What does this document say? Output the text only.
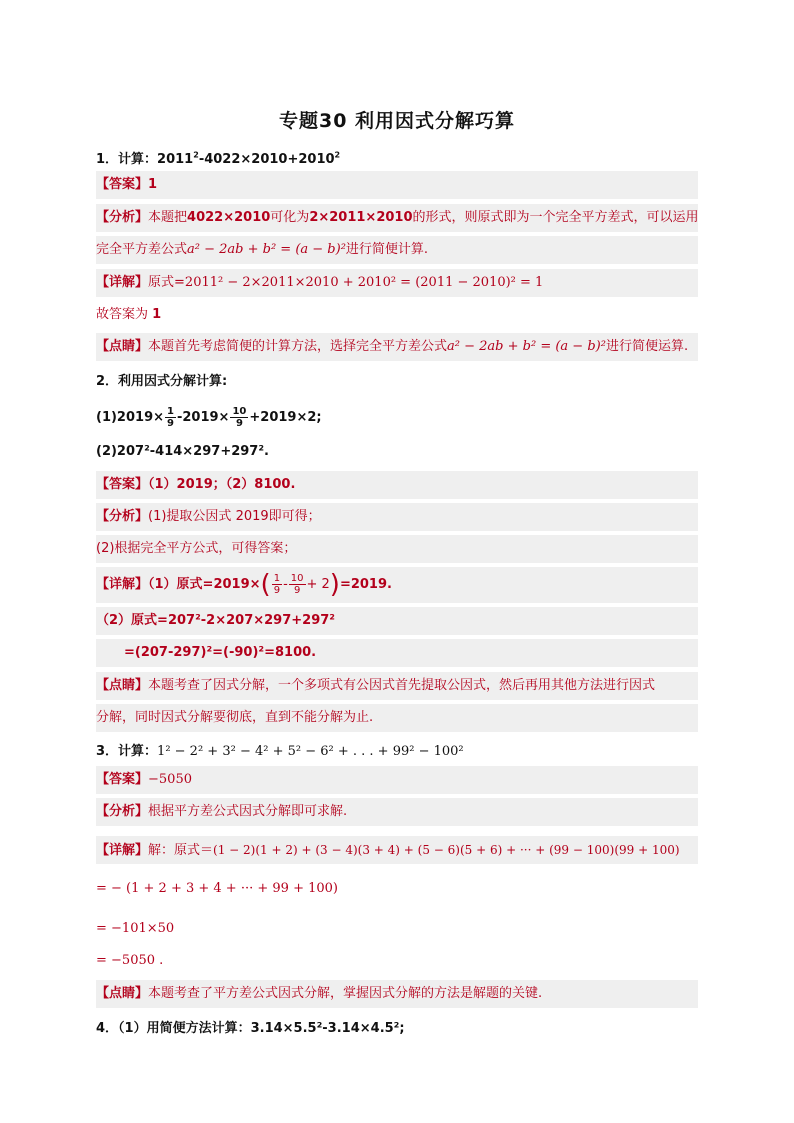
专题30 利用因式分解巧算
1．计算：$2011^2-4022\times 2010+2010^2$
【答案】1
【分析】本题把4022×2010可化为2×2011×2010的形式，则原式即为一个完全平方差式，可以运用
完全平方差公式a² − 2ab + b² = (a − b)²进行简便计算.
【详解】原式=2011² − 2×2011×2010 + 2010² = (2011 − 2010)² = 1
故答案为 1
【点睛】本题首先考虑简便的计算方法，选择完全平方差公式a² − 2ab + b² = (a − b)²进行简便运算.
2．利用因式分解计算:
$(1)2019\times \frac{1}{9} -2019\times \frac{10}{9} +2019\times 2$;
(2)207²-414×297+297².
【答案】（1）2019；（2）8100.
【分析】(1)提取公因式 2019即可得；
(2)根据完全平方公式，可得答案；
【详解】（1）原式$=2019\times( \frac{1}{9} - \frac{10}{9} + 2)=2019$.
（2）原式=207²-2×207×297+297²
=(207-297)²=(-90)²=8100.
【点睛】本题考查了因式分解，一个多项式有公因式首先提取公因式，然后再用其他方法进行因式
分解，同时因式分解要彻底，直到不能分解为止.
3．计算：1² − 2² + 3² − 4² + 5² − 6² + . . . + 99² − 100²
【答案】−5050
【分析】根据平方差公式因式分解即可求解.
【详解】解：原式＝(1 − 2)(1 + 2) + (3 − 4)(3 + 4) + (5 − 6)(5 + 6) + ··· + (99 − 100)(99 + 100)
= − (1 + 2 + 3 + 4 + ··· + 99 + 100)
= −101×50
= −5050 .
【点睛】本题考查了平方差公式因式分解，掌握因式分解的方法是解题的关键.
4．（1）用简便方法计算：3.14×5.5²-3.14×4.5²;
